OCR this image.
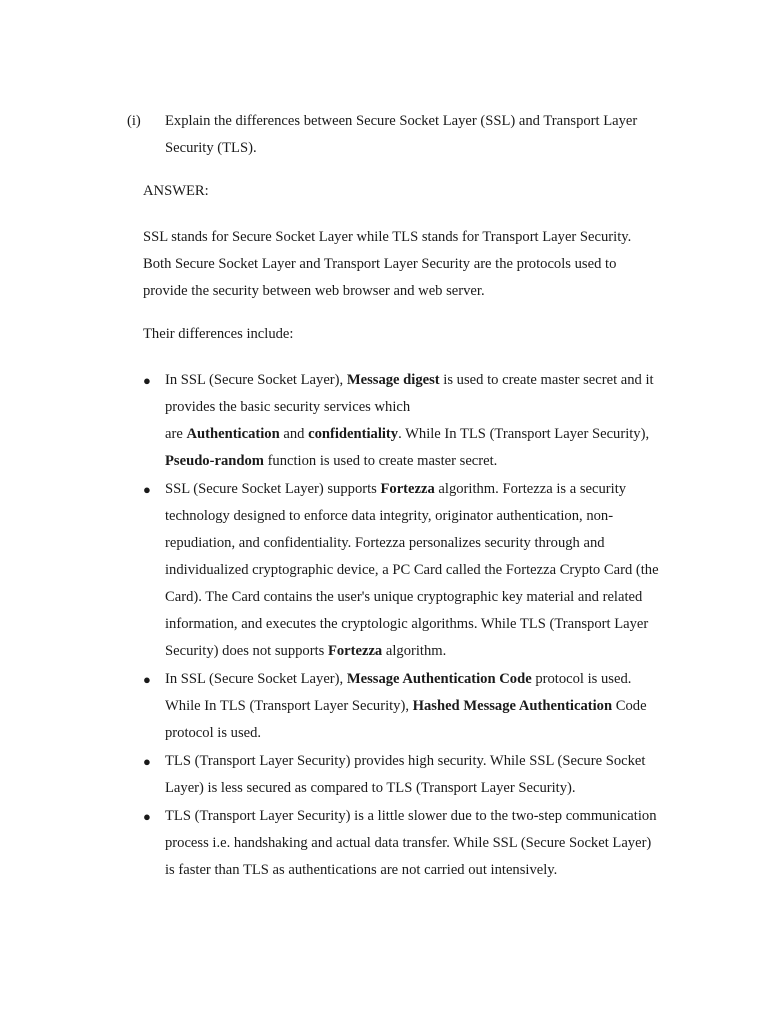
(i) Explain the differences between Secure Socket Layer (SSL) and Transport Layer Security (TLS).
ANSWER:
SSL stands for Secure Socket Layer while TLS stands for Transport Layer Security. Both Secure Socket Layer and Transport Layer Security are the protocols used to provide the security between web browser and web server.
Their differences include:
● In SSL (Secure Socket Layer), Message digest is used to create master secret and it provides the basic security services which
are Authentication and confidentiality. While In TLS (Transport Layer Security), Pseudo-random function is used to create master secret.
● SSL (Secure Socket Layer) supports Fortezza algorithm. Fortezza is a security technology designed to enforce data integrity, originator authentication, non-repudiation, and confidentiality. Fortezza personalizes security through and individualized cryptographic device, a PC Card called the Fortezza Crypto Card (the Card). The Card contains the user's unique cryptographic key material and related information, and executes the cryptologic algorithms. While TLS (Transport Layer Security) does not supports Fortezza algorithm.
● In SSL (Secure Socket Layer), Message Authentication Code protocol is used. While In TLS (Transport Layer Security), Hashed Message Authentication Code protocol is used.
● TLS (Transport Layer Security) provides high security. While SSL (Secure Socket Layer) is less secured as compared to TLS (Transport Layer Security).
● TLS (Transport Layer Security) is a little slower due to the two-step communication process i.e. handshaking and actual data transfer. While SSL (Secure Socket Layer) is faster than TLS as authentications are not carried out intensively.
